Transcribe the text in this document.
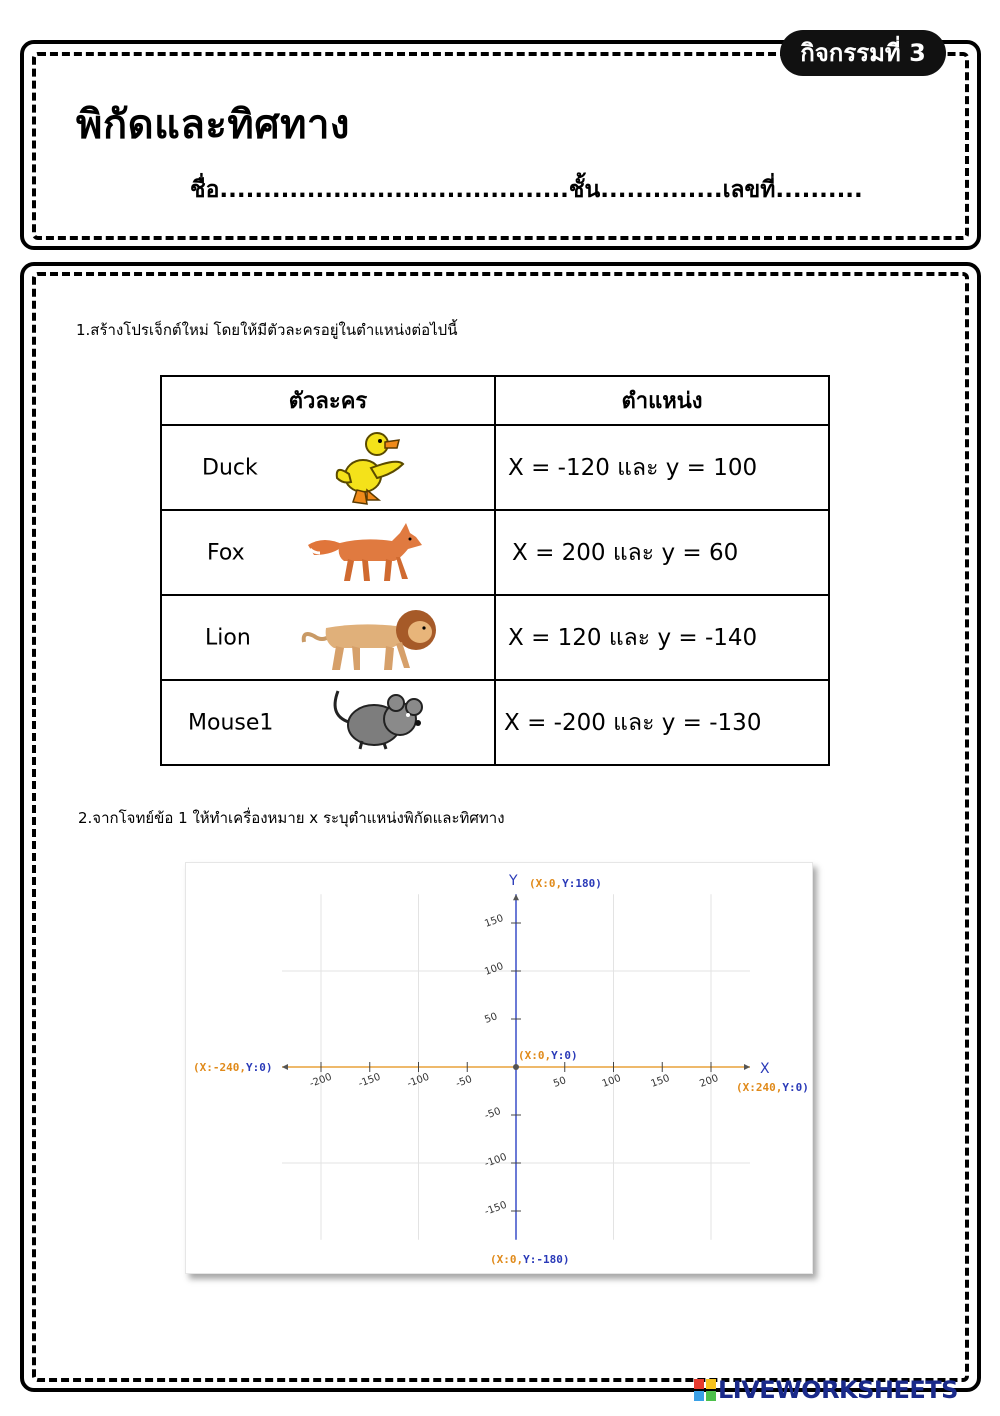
กิจกรรมที่ 3
พิกัดและทิศทาง
ชื่อ........................................ชั้น..............เลขที่..........
1.สร้างโปรเจ็กต์ใหม่ โดยให้มีตัวละครอยู่ในตำแหน่งต่อไปนี้
ตัวละคร	ตำแหน่ง

Duck	X = -120 และ y = 100

Fox	X = 200 และ y = 60

Lion	X = 120 และ y = -140

Mouse1	X = -200 และ y = -130
2.จากโจทย์ข้อ 1 ให้ทำเครื่องหมาย x ระบุตำแหน่งพิกัดและทิศทาง
-200 -150 -100 -50	50	100	150	200
150
100
50
-50
-100
-150
(X:0,Y:180)
(X:0,Y:-180)
(X:-240,Y:0)
(X:240,Y:0)
(X:0,Y:0)
X
Y
LIVEWORKSHEETS
